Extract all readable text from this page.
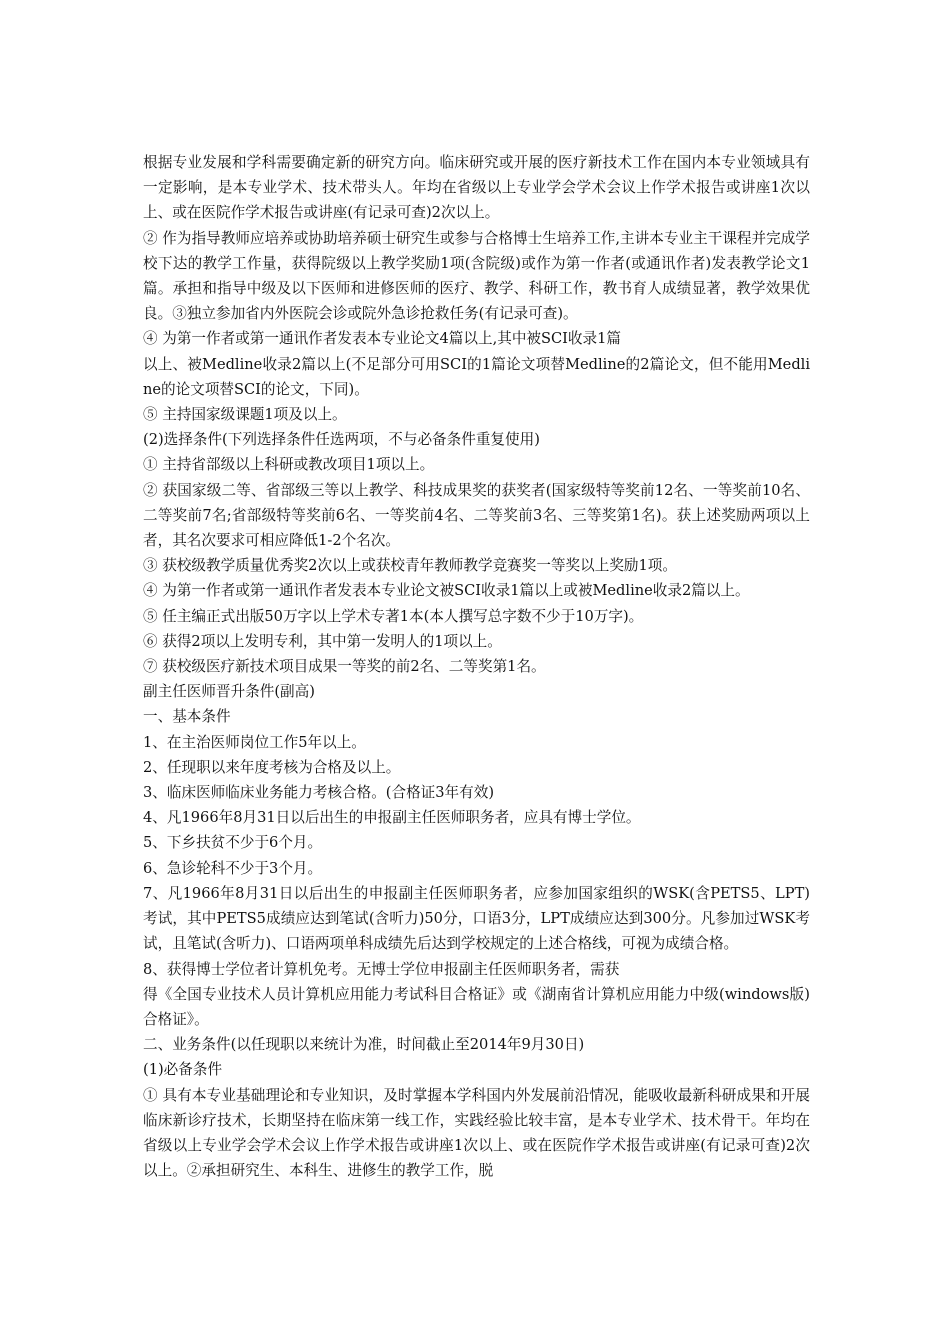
根据专业发展和学科需要确定新的研究方向。临床研究或开展的医疗新技术工作在国内本专业领域具有一定影响，是本专业学术、技术带头人。年均在省级以上专业学会学术会议上作学术报告或讲座1次以上、或在医院作学术报告或讲座(有记录可查)2次以上。

② 作为指导教师应培养或协助培养硕士研究生或参与合格博士生培养工作,主讲本专业主干课程并完成学校下达的教学工作量，获得院级以上教学奖励1项(含院级)或作为第一作者(或通讯作者)发表教学论文1篇。承担和指导中级及以下医师和进修医师的医疗、教学、科研工作，教书育人成绩显著，教学效果优良。③独立参加省内外医院会诊或院外急诊抢救任务(有记录可查)。

④ 为第一作者或第一通讯作者发表本专业论文4篇以上,其中被SCI收录1篇

以上、被Medline收录2篇以上(不足部分可用SCI的1篇论文项替Medline的2篇论文，但不能用Medline的论文项替SCI的论文，下同)。

⑤ 主持国家级课题1项及以上。

(2)选择条件(下列选择条件任选两项，不与必备条件重复使用)

① 主持省部级以上科研或教改项目1项以上。

② 获国家级二等、省部级三等以上教学、科技成果奖的获奖者(国家级特等奖前12名、一等奖前10名、二等奖前7名;省部级特等奖前6名、一等奖前4名、二等奖前3名、三等奖第1名)。获上述奖励两项以上者，其名次要求可相应降低1-2个名次。

③ 获校级教学质量优秀奖2次以上或获校青年教师教学竞赛奖一等奖以上奖励1项。

④ 为第一作者或第一通讯作者发表本专业论文被SCI收录1篇以上或被Medline收录2篇以上。

⑤ 任主编正式出版50万字以上学术专著1本(本人撰写总字数不少于10万字)。

⑥ 获得2项以上发明专利，其中第一发明人的1项以上。

⑦ 获校级医疗新技术项目成果一等奖的前2名、二等奖第1名。

副主任医师晋升条件(副高)

一、基本条件

1、在主治医师岗位工作5年以上。

2、任现职以来年度考核为合格及以上。

3、临床医师临床业务能力考核合格。(合格证3年有效)

4、凡1966年8月31日以后出生的申报副主任医师职务者，应具有博士学位。

5、下乡扶贫不少于6个月。

6、急诊轮科不少于3个月。

7、凡1966年8月31日以后出生的申报副主任医师职务者，应参加国家组织的WSK(含PETS5、LPT)考试，其中PETS5成绩应达到笔试(含听力)50分，口语3分，LPT成绩应达到300分。凡参加过WSK考试，且笔试(含听力)、口语两项单科成绩先后达到学校规定的上述合格线，可视为成绩合格。

8、获得博士学位者计算机免考。无博士学位申报副主任医师职务者，需获

得《全国专业技术人员计算机应用能力考试科目合格证》或《湖南省计算机应用能力中级(windows版)合格证》。

二、业务条件(以任现职以来统计为准，时间截止至2014年9月30日)

(1)必备条件

① 具有本专业基础理论和专业知识，及时掌握本学科国内外发展前沿情况，能吸收最新科研成果和开展临床新诊疗技术，长期坚持在临床第一线工作，实践经验比较丰富，是本专业学术、技术骨干。年均在省级以上专业学会学术会议上作学术报告或讲座1次以上、或在医院作学术报告或讲座(有记录可查)2次以上。②承担研究生、本科生、进修生的教学工作，脱
